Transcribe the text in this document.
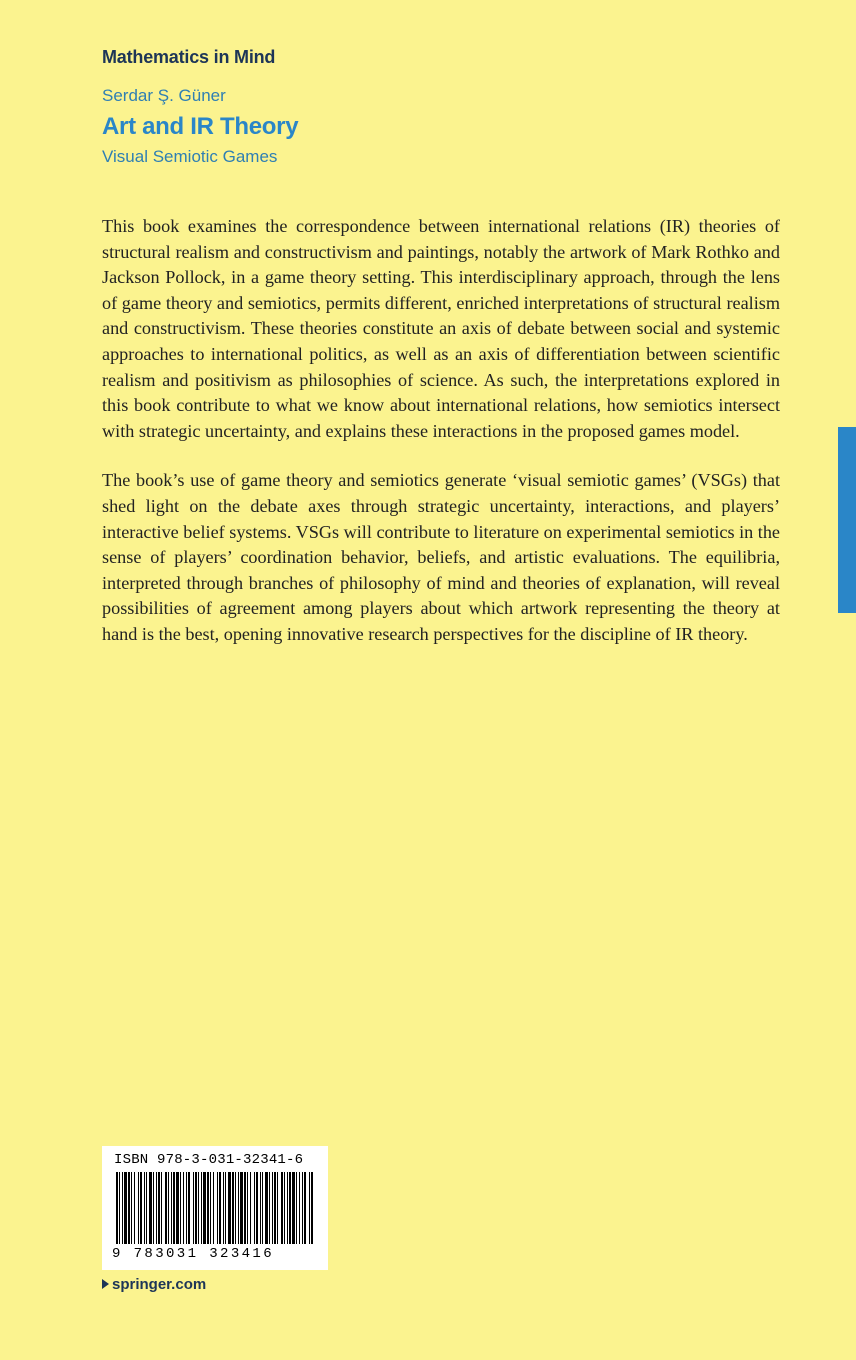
Mathematics in Mind
Serdar Ş. Güner
Art and IR Theory
Visual Semiotic Games

This book examines the correspondence between international relations (IR) theories of structural realism and constructivism and paintings, notably the artwork of Mark Rothko and Jackson Pollock, in a game theory setting. This interdisciplinary approach, through the lens of game theory and semiotics, permits different, enriched interpretations of structural realism and constructivism. These theories constitute an axis of debate between social and systemic approaches to international politics, as well as an axis of differentiation between scientific realism and positivism as philosophies of science. As such, the interpretations explored in this book contribute to what we know about international relations, how semiotics intersect with strategic uncertainty, and explains these interactions in the proposed games model.

The book’s use of game theory and semiotics generate ‘visual semiotic games’ (VSGs) that shed light on the debate axes through strategic uncertainty, interactions, and players’ interactive belief systems. VSGs will contribute to literature on experimental semiotics in the sense of players’ coordination behavior, beliefs, and artistic evaluations. The equilibria, interpreted through branches of philosophy of mind and theories of explanation, will reveal possibilities of agreement among players about which artwork representing the theory at hand is the best, opening innovative research perspectives for the discipline of IR theory.

ISBN 978-3-031-32341-6
9 783031 323416
springer.com
